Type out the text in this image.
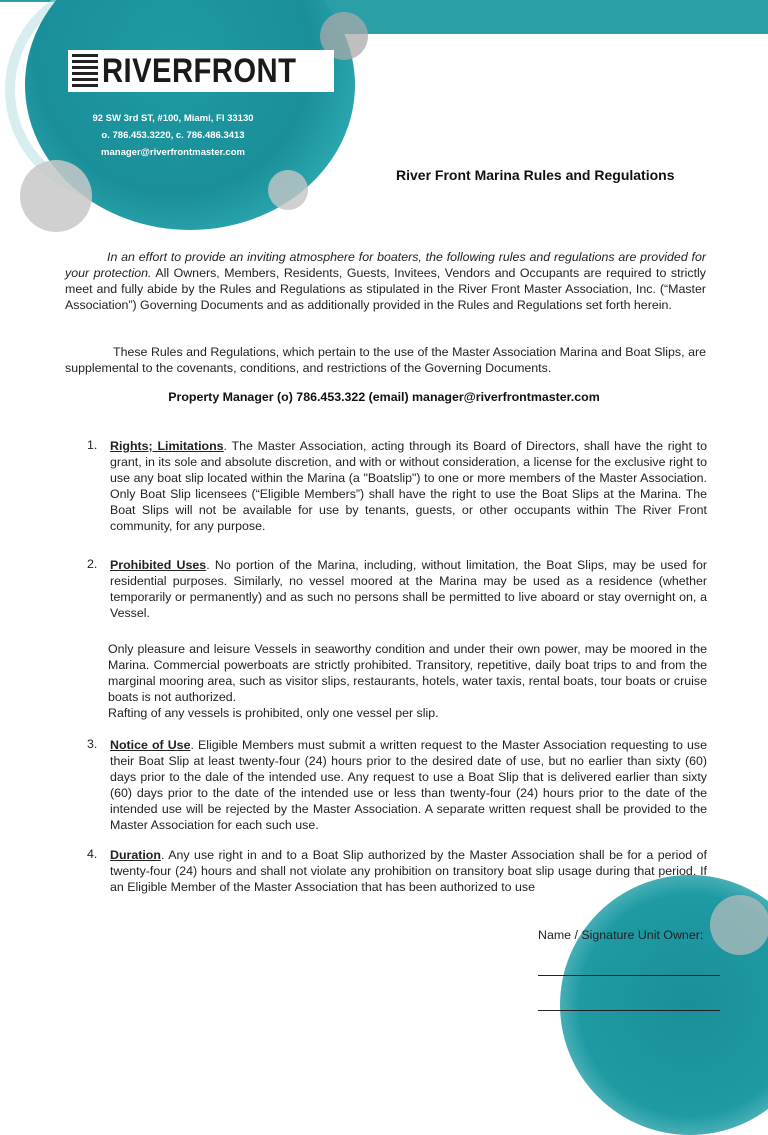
RIVERFRONT
92 SW 3rd ST, #100, Miami, Fl 33130
o. 786.453.3220, c. 786.486.3413
manager@riverfrontmaster.com
River Front Marina Rules and Regulations
In an effort to provide an inviting atmosphere for boaters, the following rules and regulations are provided for your protection. All Owners, Members, Residents, Guests, Invitees, Vendors and Occupants are required to strictly meet and fully abide by the Rules and Regulations as stipulated in the River Front Master Association, Inc. (“Master Association”) Governing Documents and as additionally provided in the Rules and Regulations set forth herein.
These Rules and Regulations, which pertain to the use of the Master Association Marina and Boat Slips, are supplemental to the covenants, conditions, and restrictions of the Governing Documents.
Property Manager (o) 786.453.322 (email) manager@riverfrontmaster.com
1. Rights; Limitations. The Master Association, acting through its Board of Directors, shall have the right to grant, in its sole and absolute discretion, and with or without consideration, a license for the exclusive right to use any boat slip located within the Marina (a "Boatslip") to one or more members of the Master Association. Only Boat Slip licensees (“Eligible Members”) shall have the right to use the Boat Slips at the Marina. The Boat Slips will not be available for use by tenants, guests, or other occupants within The River Front community, for any purpose.
2. Prohibited Uses. No portion of the Marina, including, without limitation, the Boat Slips, may be used for residential purposes. Similarly, no vessel moored at the Marina may be used as a residence (whether temporarily or permanently) and as such no persons shall be permitted to live aboard or stay overnight on, a Vessel.
Only pleasure and leisure Vessels in seaworthy condition and under their own power, may be moored in the Marina. Commercial powerboats are strictly prohibited. Transitory, repetitive, daily boat trips to and from the marginal mooring area, such as visitor slips, restaurants, hotels, water taxis, rental boats, tour boats or cruise boats is not authorized.
Rafting of any vessels is prohibited, only one vessel per slip.
3. Notice of Use. Eligible Members must submit a written request to the Master Association requesting to use their Boat Slip at least twenty-four (24) hours prior to the desired date of use, but no earlier than sixty (60) days prior to the dale of the intended use. Any request to use a Boat Slip that is delivered earlier than sixty (60) days prior to the date of the intended use or less than twenty-four (24) hours prior to the date of the intended use will be rejected by the Master Association. A separate written request shall be provided to the Master Association for each such use.
4. Duration. Any use right in and to a Boat Slip authorized by the Master Association shall be for a period of twenty-four (24) hours and shall not violate any prohibition on transitory boat slip usage during that period. If an Eligible Member of the Master Association that has been authorized to use
Name / Signature Unit Owner:
